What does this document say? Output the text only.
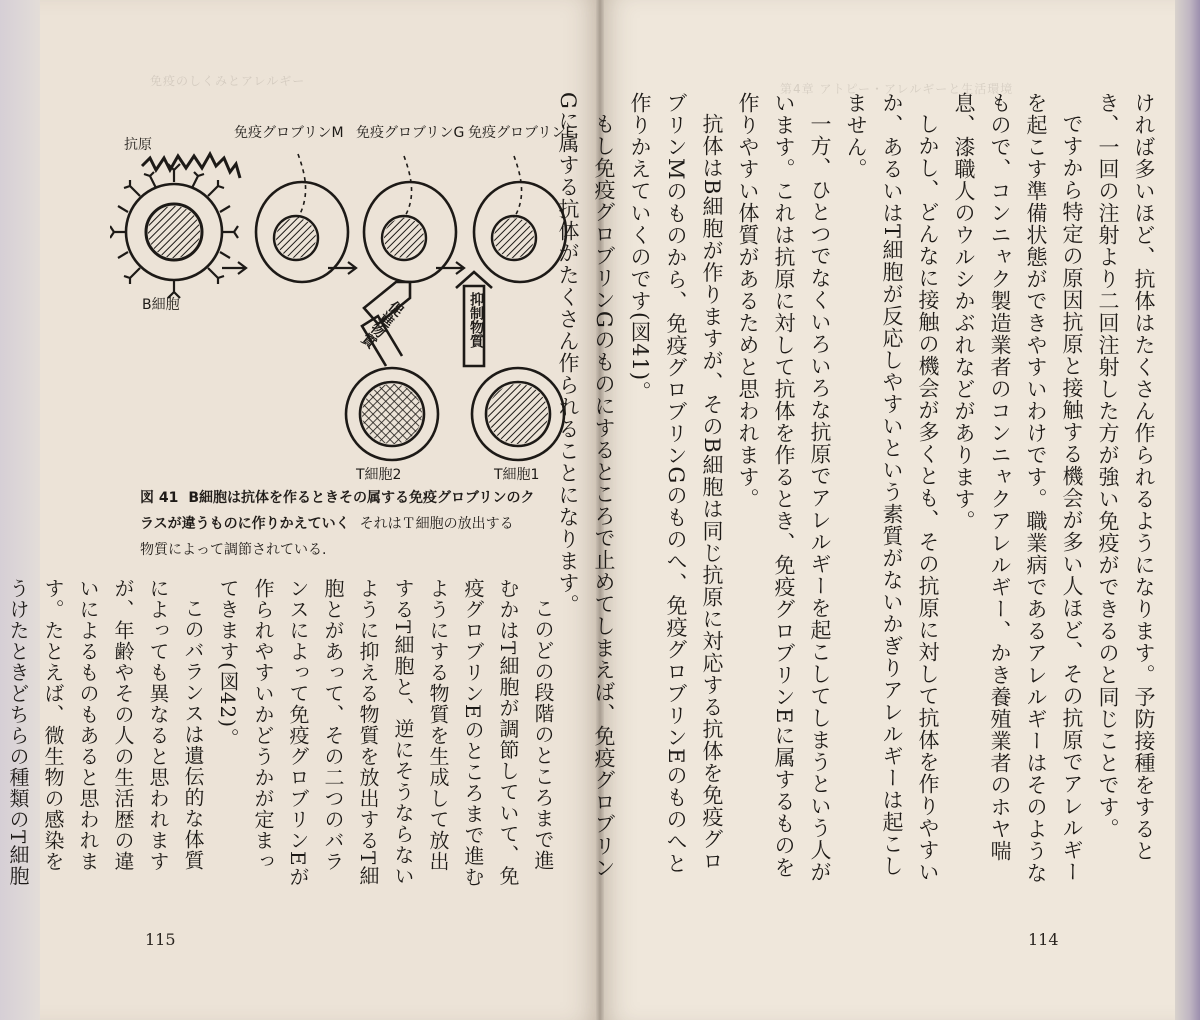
第4章 アトピー・アレルギーと生活環境
免疫のしくみとアレルギー
抗原
B細胞
免疫グロブリンM 免疫グロブリンG 免疫グロブリンE
促進物質	抑制物質
T細胞2	T細胞1
図 41 B細胞は抗体を作るときその属する免疫グロブリンのク
ラスが違うものに作りかえていく それはＴ細胞の放出する
物質によって調節されている.	ければ多いほど、抗体はたくさん作られるようになります。予防接種をするとき、一回の注射より二回注射した方が強い免疫ができるのと同じことです。

ですから特定の原因抗原と接触する機会が多い人ほど、その抗原でアレルギーを起こす準備状態ができやすいわけです。職業病であるアレルギーはそのようなもので、コンニャク製造業者のコンニャクアレルギー、かき養殖業者のホヤ喘息、漆職人のウルシかぶれなどがあります。

しかし、どんなに接触の機会が多くとも、その抗原に対して抗体を作りやすいか、あるいはT細胞が反応しやすいという素質がないかぎりアレルギーは起こしません。

一方、ひとつでなくいろいろな抗原でアレルギーを起こしてしまうという人がいます。これは抗原に対して抗体を作るとき、免疫グロブリンEに属するものを作りやすい体質があるためと思われます。

抗体はB細胞が作りますが、そのB細胞は同じ抗原に対応する抗体を免疫グロブリンMのものから、免疫グロブリンGのものへ、免疫グロブリンEのものへと作りかえていくのです(図41)。

もし免疫グロブリンGのものにするところで止めてしまえば、免疫グロブリンGに属する抗体がたくさん作られることになります。

このどの段階のところまで進むかはT細胞が調節していて、免疫グロブリンEのところまで進むようにする物質を生成して放出するT細胞と、逆にそうならないように抑える物質を放出するT細胞とがあって、その二つのバランスによって免疫グロブリンEが作られやすいかどうかが定まってきます(図42)。

このバランスは遺伝的な体質によっても異なると思われますが、年齢やその人の生活歴の違いによるものもあると思われます。たとえば、微生物の感染をうけたときどちらの種類のT細胞

115	114
